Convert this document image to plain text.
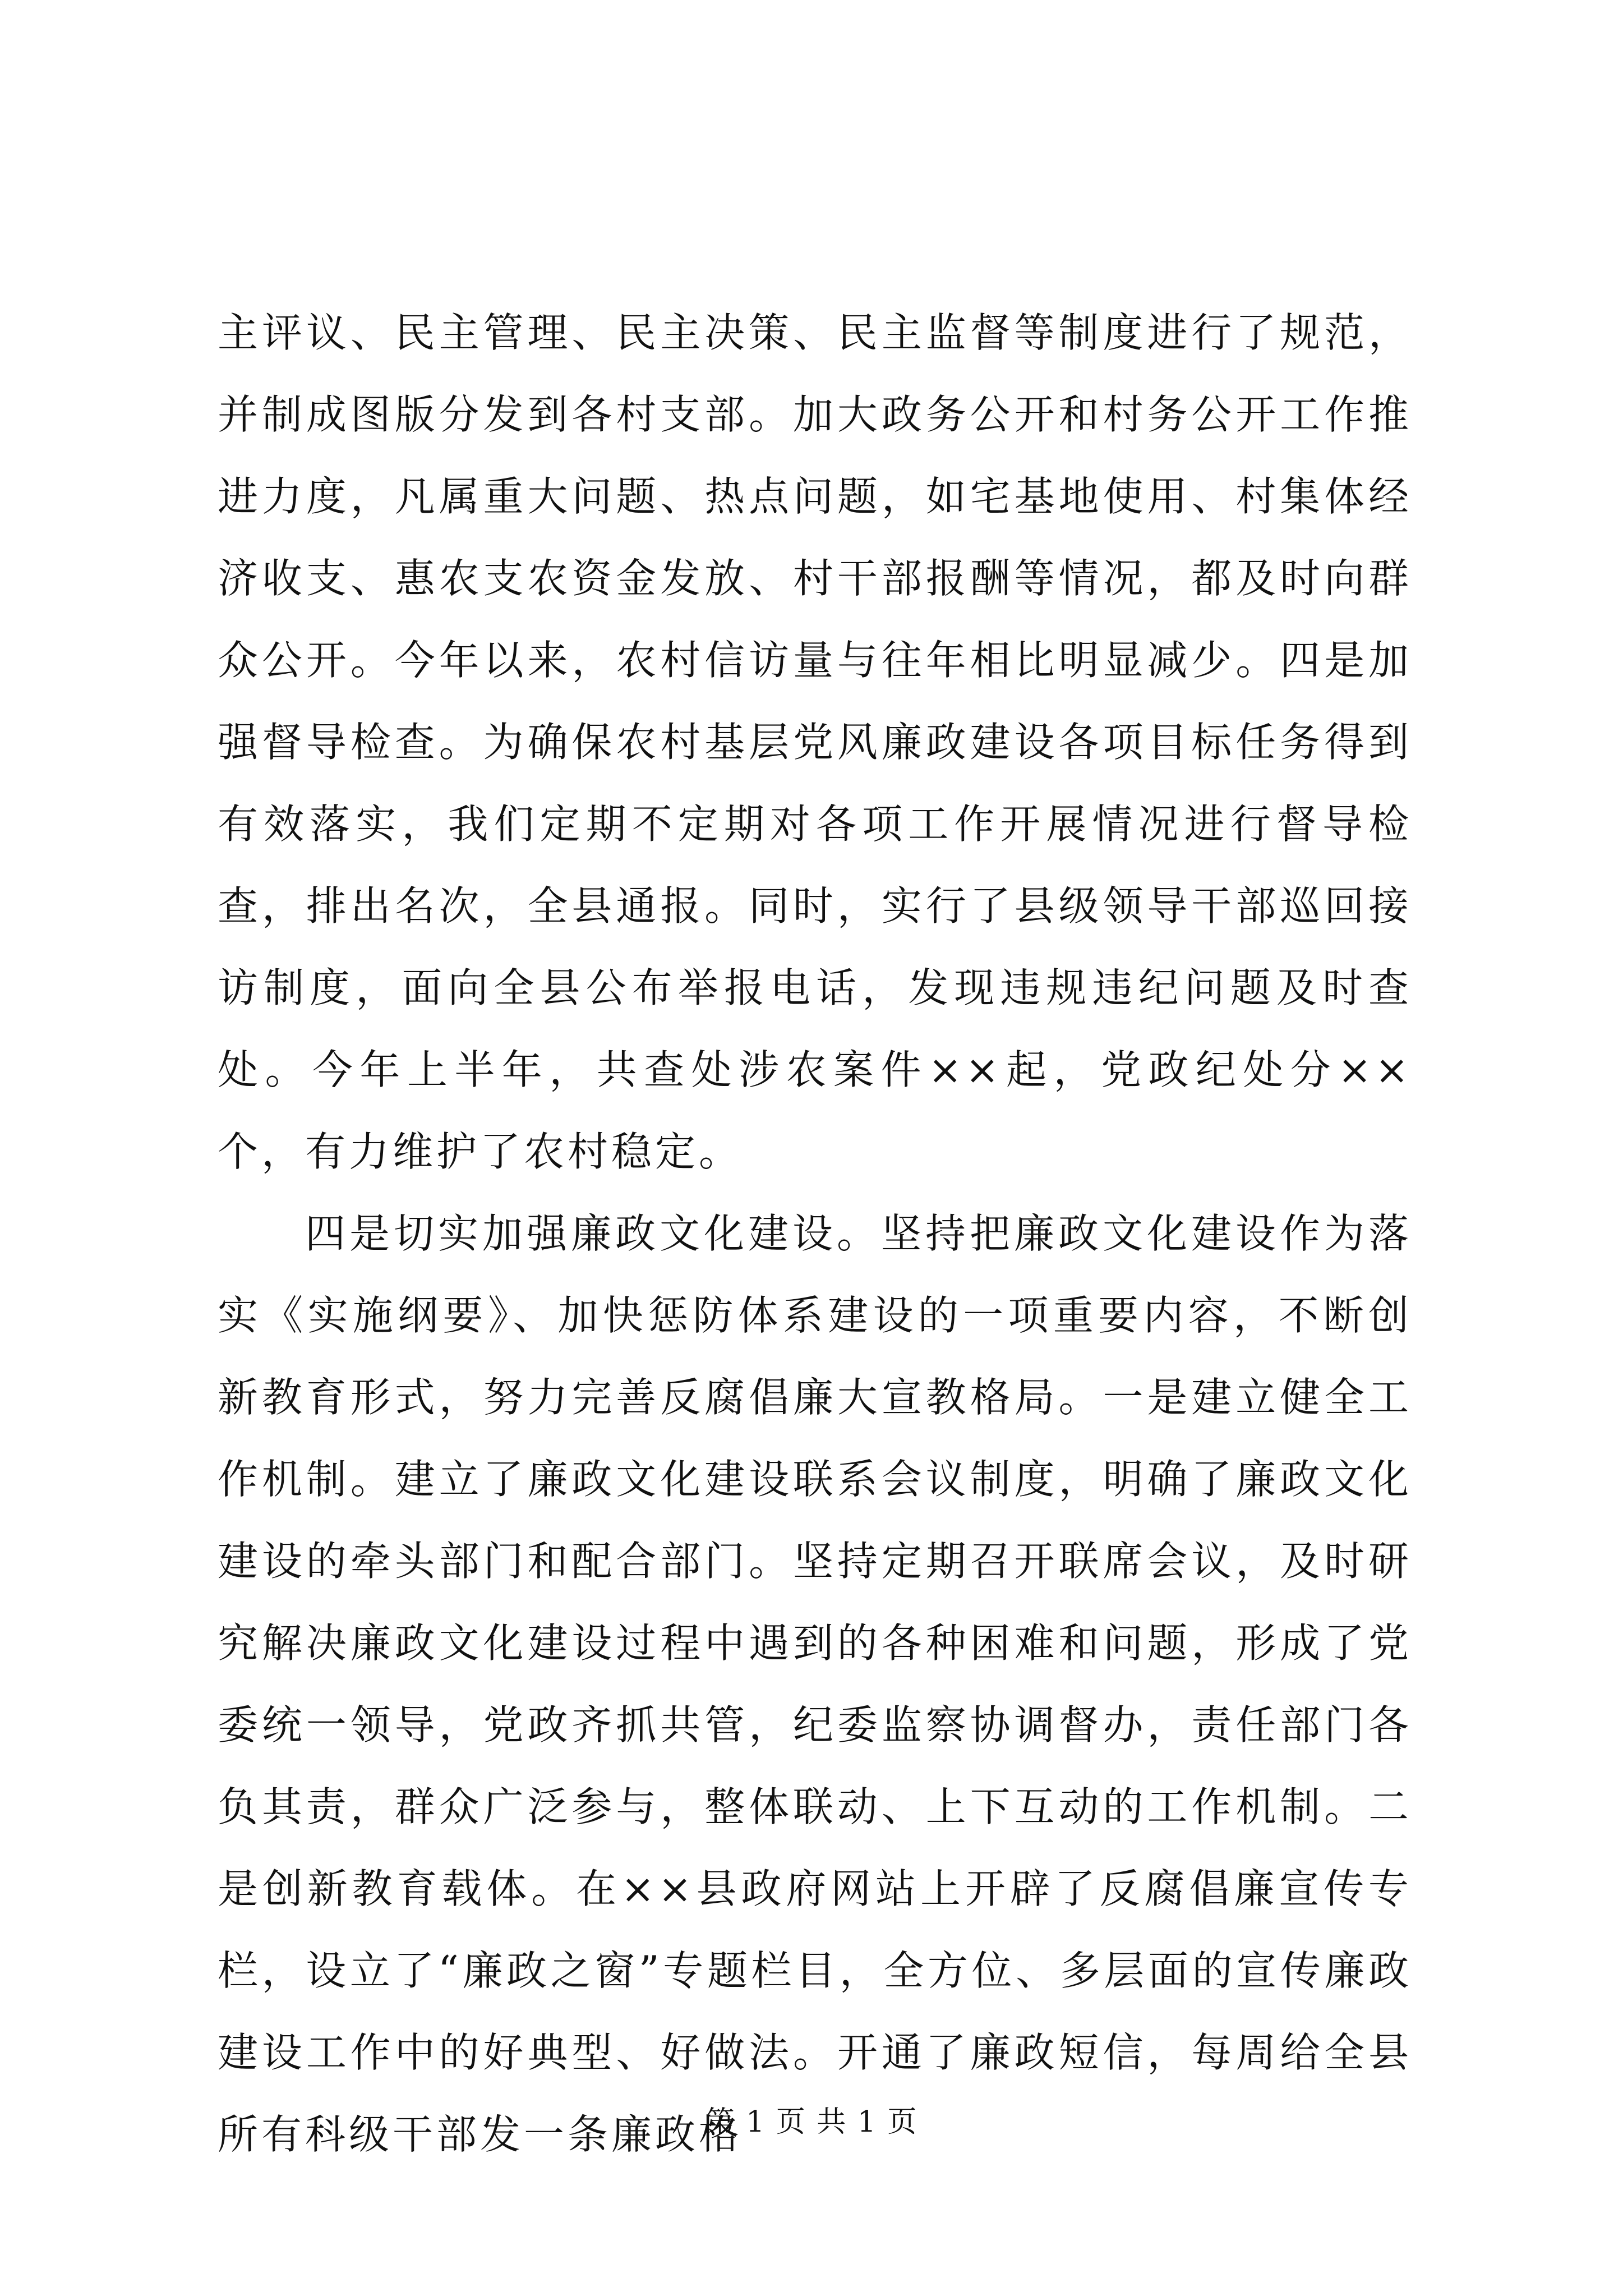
主评议、民主管理、民主决策、民主监督等制度进行了规范，并制成图版分发到各村支部。加大政务公开和村务公开工作推进力度，凡属重大问题、热点问题，如宅基地使用、村集体经济收支、惠农支农资金发放、村干部报酬等情况，都及时向群众公开。今年以来，农村信访量与往年相比明显减少。四是加强督导检查。为确保农村基层党风廉政建设各项目标任务得到有效落实，我们定期不定期对各项工作开展情况进行督导检查，排出名次，全县通报。同时，实行了县级领导干部巡回接访制度，面向全县公布举报电话，发现违规违纪问题及时查处。今年上半年，共查处涉农案件××起，党政纪处分××个，有力维护了农村稳定。

四是切实加强廉政文化建设。坚持把廉政文化建设作为落实《实施纲要》、加快惩防体系建设的一项重要内容，不断创新教育形式，努力完善反腐倡廉大宣教格局。一是建立健全工作机制。建立了廉政文化建设联系会议制度，明确了廉政文化建设的牵头部门和配合部门。坚持定期召开联席会议，及时研究解决廉政文化建设过程中遇到的各种困难和问题，形成了党委统一领导，党政齐抓共管，纪委监察协调督办，责任部门各负其责，群众广泛参与，整体联动、上下互动的工作机制。二是创新教育载体。在××县政府网站上开辟了反腐倡廉宣传专栏，设立了“廉政之窗”专题栏目，全方位、多层面的宣传廉政建设工作中的好典型、好做法。开通了廉政短信，每周给全县所有科级干部发一条廉政格

第 1 页 共 1 页
